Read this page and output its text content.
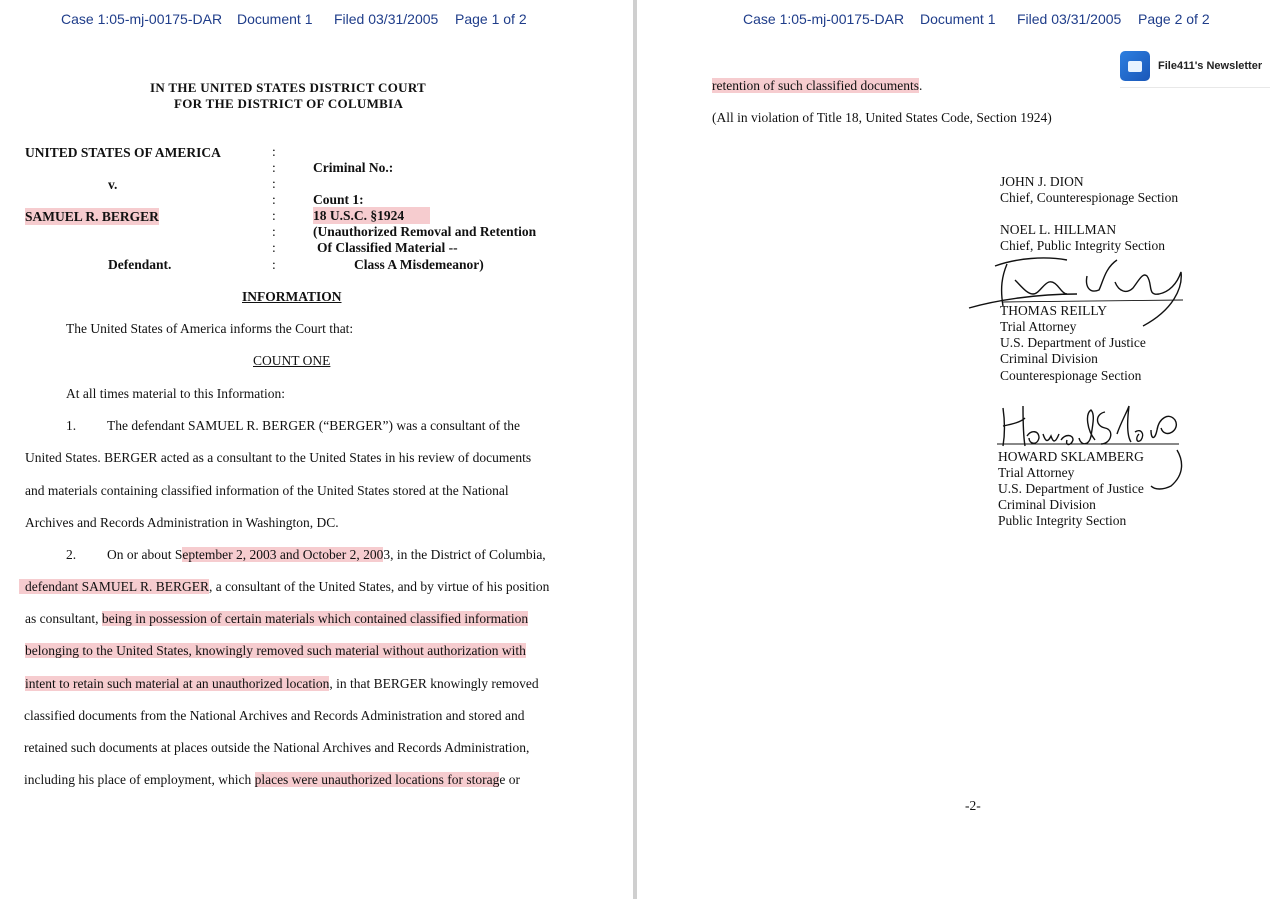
Case 1:05-mj-00175-DAR Document 1 Filed 03/31/2005 Page 1 of 2
IN THE UNITED STATES DISTRICT COURT
FOR THE DISTRICT OF COLUMBIA
UNITED STATES OF AMERICA
v.
SAMUEL R. BERGER
Defendant.
:
:
:
:
:
:
:
:
Criminal No.:
Count 1:
18 U.S.C. §1924
(Unauthorized Removal and Retention
Of Classified Material --
Class A Misdemeanor)
INFORMATION
The United States of America informs the Court that:
COUNT ONE
At all times material to this Information:
1. The defendant SAMUEL R. BERGER (“BERGER”) was a consultant of the
United States. BERGER acted as a consultant to the United States in his review of documents
and materials containing classified information of the United States stored at the National
Archives and Records Administration in Washington, DC.
2. On or about September 2, 2003 and October 2, 2003, in the District of Columbia,
defendant SAMUEL R. BERGER, a consultant of the United States, and by virtue of his position
as consultant, being in possession of certain materials which contained classified information
belonging to the United States, knowingly removed such material without authorization with
intent to retain such material at an unauthorized location, in that BERGER knowingly removed
classified documents from the National Archives and Records Administration and stored and
retained such documents at places outside the National Archives and Records Administration,
including his place of employment, which places were unauthorized locations for storage or
Case 1:05-mj-00175-DAR Document 1 Filed 03/31/2005 Page 2 of 2
File411's Newsletter
retention of such classified documents.
(All in violation of Title 18, United States Code, Section 1924)
JOHN J. DION
Chief, Counterespionage Section
NOEL L. HILLMAN
Chief, Public Integrity Section
THOMAS REILLY
Trial Attorney
U.S. Department of Justice
Criminal Division
Counterespionage Section
HOWARD SKLAMBERG
Trial Attorney
U.S. Department of Justice
Criminal Division
Public Integrity Section
-2-
